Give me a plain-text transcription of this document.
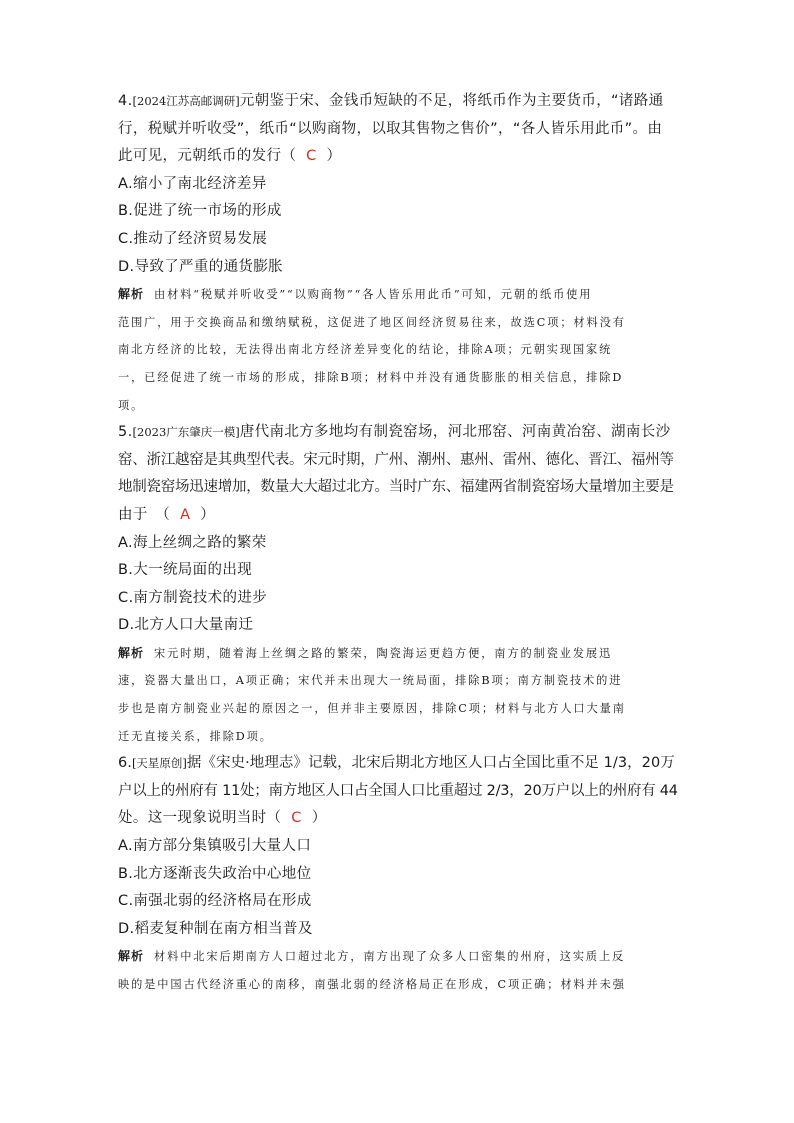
4.[2024江苏高邮调研]元朝鉴于宋、金钱币短缺的不足，将纸币作为主要货币，“诸路通
行，税赋并听收受”，纸币“以购商物，以取其售物之售价”，“各人皆乐用此币”。由
此可见，元朝纸币的发行（ C ）
A.缩小了南北经济差异
B.促进了统一市场的形成
C.推动了经济贸易发展
D.导致了严重的通货膨胀
解析 由材料“税赋并听收受”“以购商物”“各人皆乐用此币”可知，元朝的纸币使用
范围广，用于交换商品和缴纳赋税，这促进了地区间经济贸易往来，故选C项；材料没有
南北方经济的比较，无法得出南北方经济差异变化的结论，排除A项；元朝实现国家统
一，已经促进了统一市场的形成，排除B项；材料中并没有通货膨胀的相关信息，排除D
项。
5.[2023广东肇庆一模]唐代南北方多地均有制瓷窑场，河北邢窑、河南黄冶窑、湖南长沙
窑、浙江越窑是其典型代表。宋元时期，广州、潮州、惠州、雷州、德化、晋江、福州等
地制瓷窑场迅速增加，数量大大超过北方。当时广东、福建两省制瓷窑场大量增加主要是
由于　（ A ）
A.海上丝绸之路的繁荣
B.大一统局面的出现
C.南方制瓷技术的进步
D.北方人口大量南迁
解析 宋元时期，随着海上丝绸之路的繁荣，陶瓷海运更趋方便，南方的制瓷业发展迅
速，瓷器大量出口，A项正确；宋代并未出现大一统局面，排除B项；南方制瓷技术的进
步也是南方制瓷业兴起的原因之一，但并非主要原因，排除C项；材料与北方人口大量南
迁无直接关系，排除D项。
6.[天星原创]据《宋史·地理志》记载，北宋后期北方地区人口占全国比重不足 1/3，20万
户以上的州府有 11处；南方地区人口占全国人口比重超过 2/3，20万户以上的州府有 44
处。这一现象说明当时（ C ）
A.南方部分集镇吸引大量人口
B.北方逐渐丧失政治中心地位
C.南强北弱的经济格局在形成
D.稻麦复种制在南方相当普及
解析 材料中北宋后期南方人口超过北方，南方出现了众多人口密集的州府，这实质上反
映的是中国古代经济重心的南移，南强北弱的经济格局正在形成，C项正确；材料并未强
